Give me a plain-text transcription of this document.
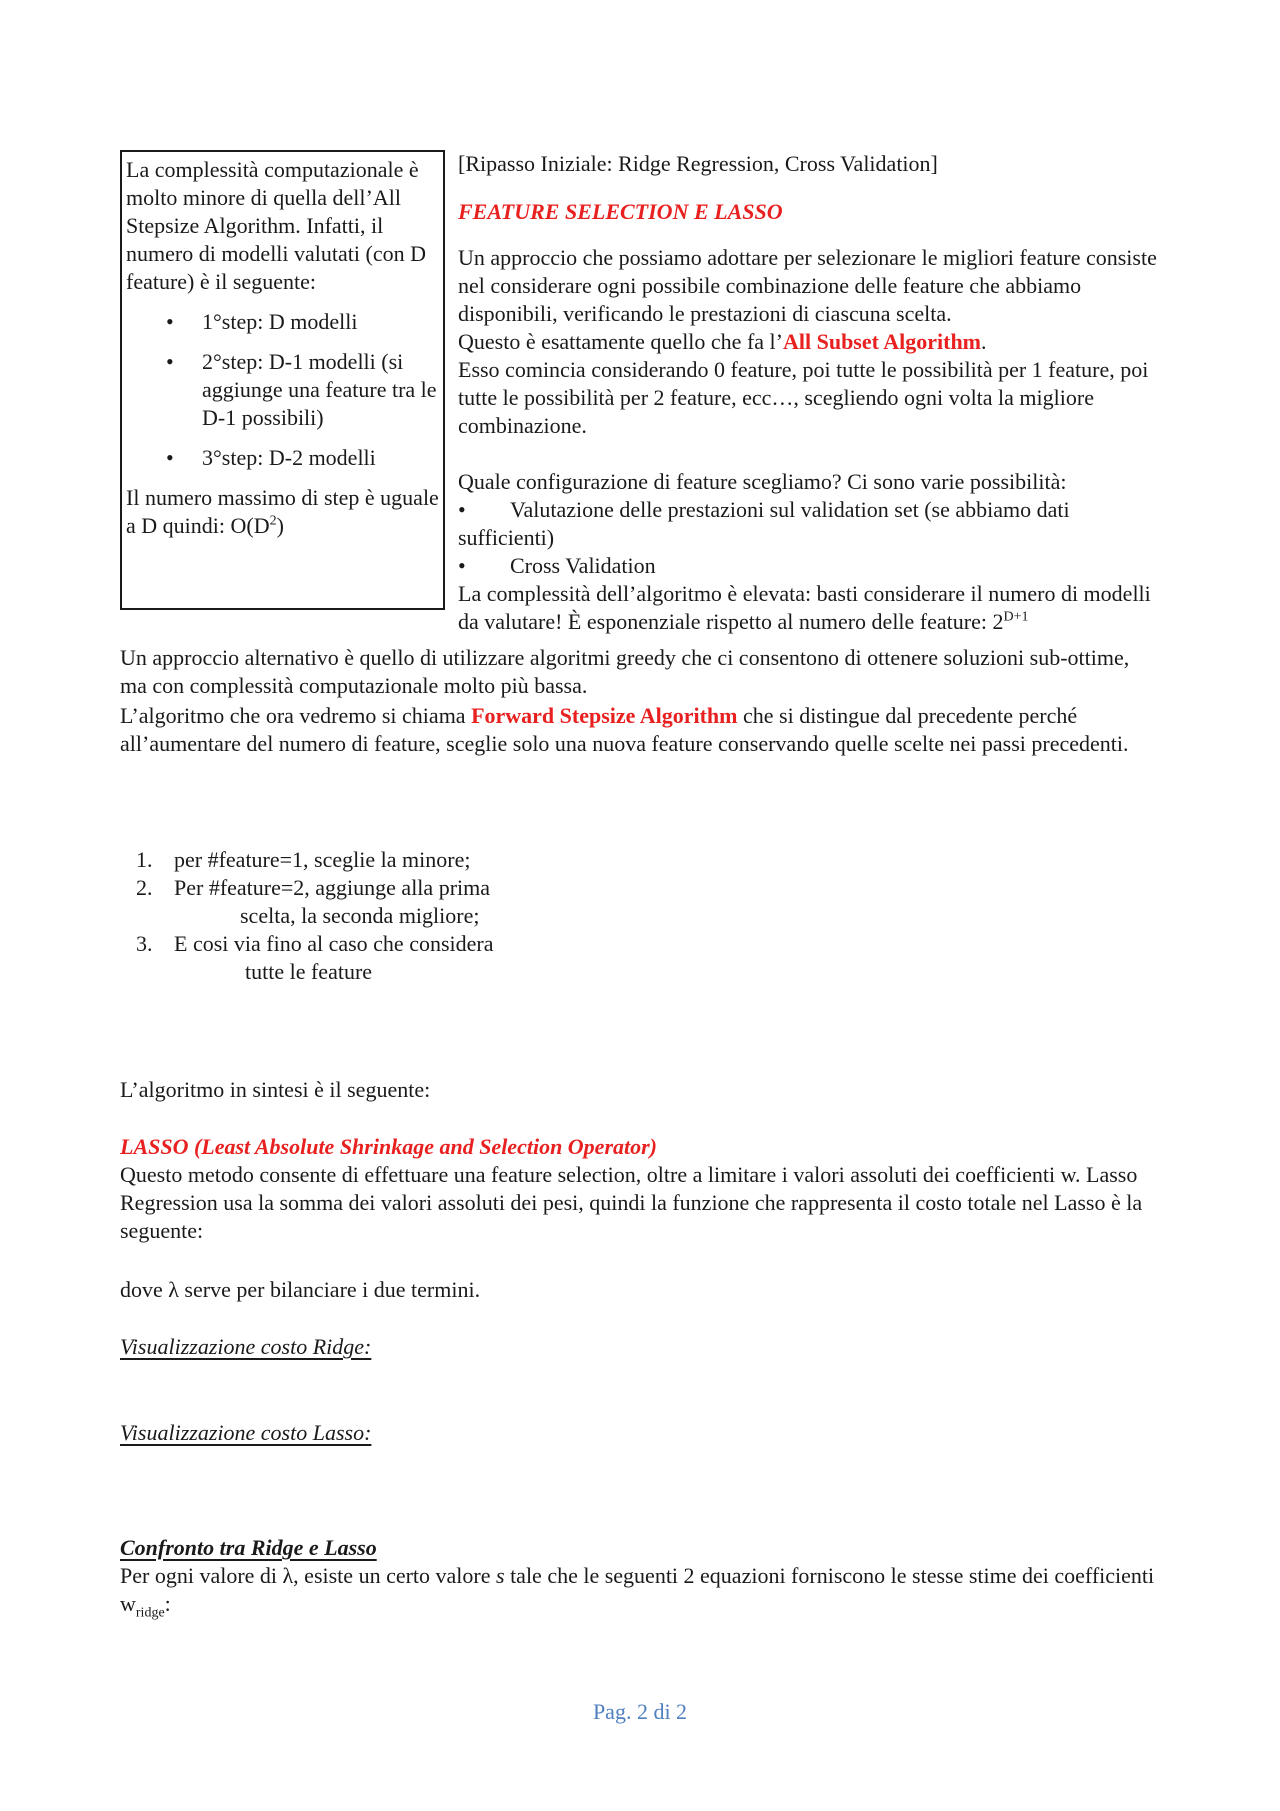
La complessità computazionale è molto minore di quella dell’All Stepsize Algorithm. Infatti, il numero di modelli valutati (con D feature) è il seguente:

• 1°step: D modelli
• 2°step: D-1 modelli (si aggiunge una feature tra le D-1 possibili)
• 3°step: D-2 modelli

Il numero massimo di step è uguale a D quindi: $O(D^2)$

[Ripasso Iniziale: Ridge Regression, Cross Validation]

FEATURE SELECTION E LASSO

Un approccio che possiamo adottare per selezionare le migliori feature consiste nel considerare ogni possibile combinazione delle feature che abbiamo disponibili, verificando le prestazioni di ciascuna scelta.

Questo è esattamente quello che fa l’All Subset Algorithm.

Esso comincia considerando 0 feature, poi tutte le possibilità per 1 feature, poi tutte le possibilità per 2 feature, ecc…, scegliendo ogni volta la migliore combinazione.

Quale configurazione di feature scegliamo? Ci sono varie possibilità:

• Valutazione delle prestazioni sul validation set (se abbiamo dati sufficienti)

• Cross Validation

La complessità dell’algoritmo è elevata: basti considerare il numero di modelli da valutare! È esponenziale rispetto al numero delle feature: $2^{D+1}$

Un approccio alternativo è quello di utilizzare algoritmi greedy che ci consentono di ottenere soluzioni sub-ottime, ma con complessità computazionale molto più bassa.

L’algoritmo che ora vedremo si chiama Forward Stepsize Algorithm che si distingue dal precedente perché all’aumentare del numero di feature, sceglie solo una nuova feature conservando quelle scelte nei passi precedenti.

1. per #feature=1, sceglie la minore;
2. Per #feature=2, aggiunge alla prima
scelta, la seconda migliore;
3. E cosi via fino al caso che considera
tutte le feature

L’algoritmo in sintesi è il seguente:

LASSO (Least Absolute Shrinkage and Selection Operator)

Questo metodo consente di effettuare una feature selection, oltre a limitare i valori assoluti dei coefficienti w. Lasso Regression usa la somma dei valori assoluti dei pesi, quindi la funzione che rappresenta il costo totale nel Lasso è la seguente:

dove λ serve per bilanciare i due termini.

Visualizzazione costo Ridge:

Visualizzazione costo Lasso:

Confronto tra Ridge e Lasso

Per ogni valore di λ, esiste un certo valore s tale che le seguenti 2 equazioni forniscono le stesse stime dei coefficienti $w_{ridge}$:

Pag. 2 di 2
